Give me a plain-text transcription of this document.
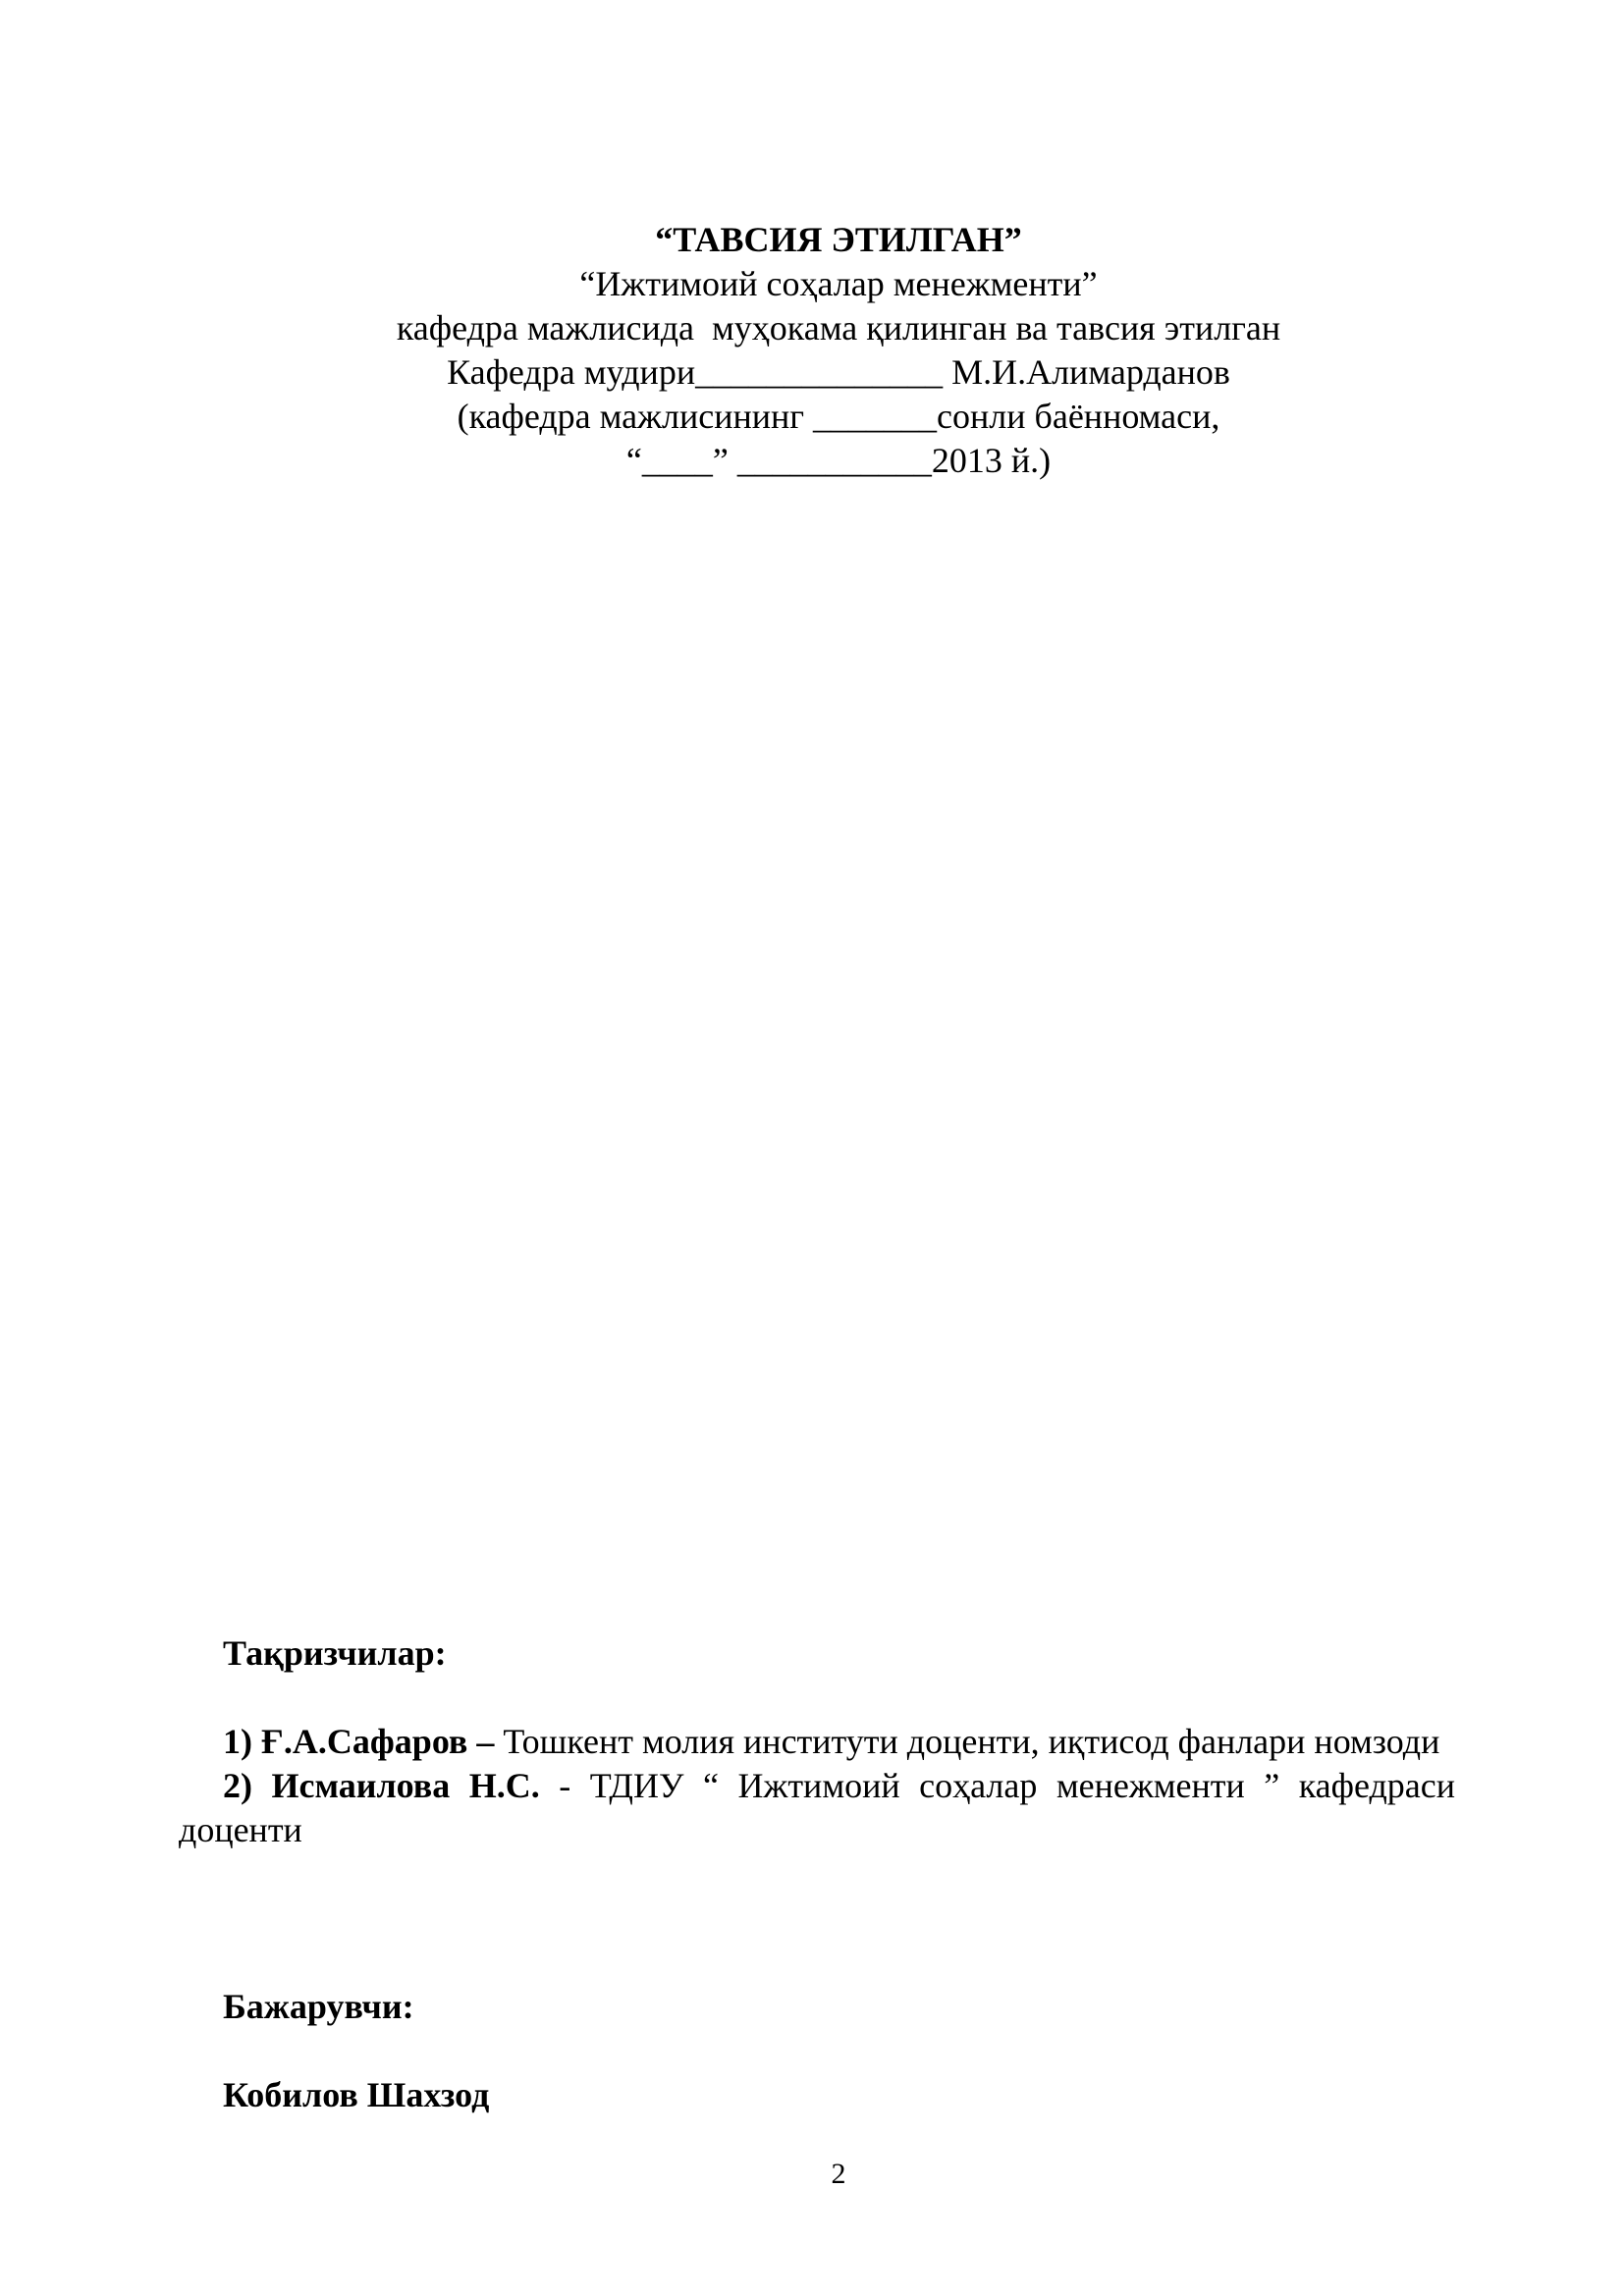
“ТАВСИЯ ЭТИЛГАН”
“Ижтимоий соҳалар менежменти”
кафедра мажлисида  муҳокама қилинган ва тавсия этилган
Кафедра мудири______________ М.И.Алимарданов
(кафедра мажлисининг _______сонли баённомаси,
“____” ___________2013 й.)
Тақризчилар:

1) Ғ.А.Сафаров – Тошкент молия институти доценти, иқтисод фанлари номзоди

2) Исмаилова Н.С. - ТДИУ “ Ижтимоий соҳалар менежменти ” кафедраси доценти

Бажарувчи:
Кобилов Шахзод
2
